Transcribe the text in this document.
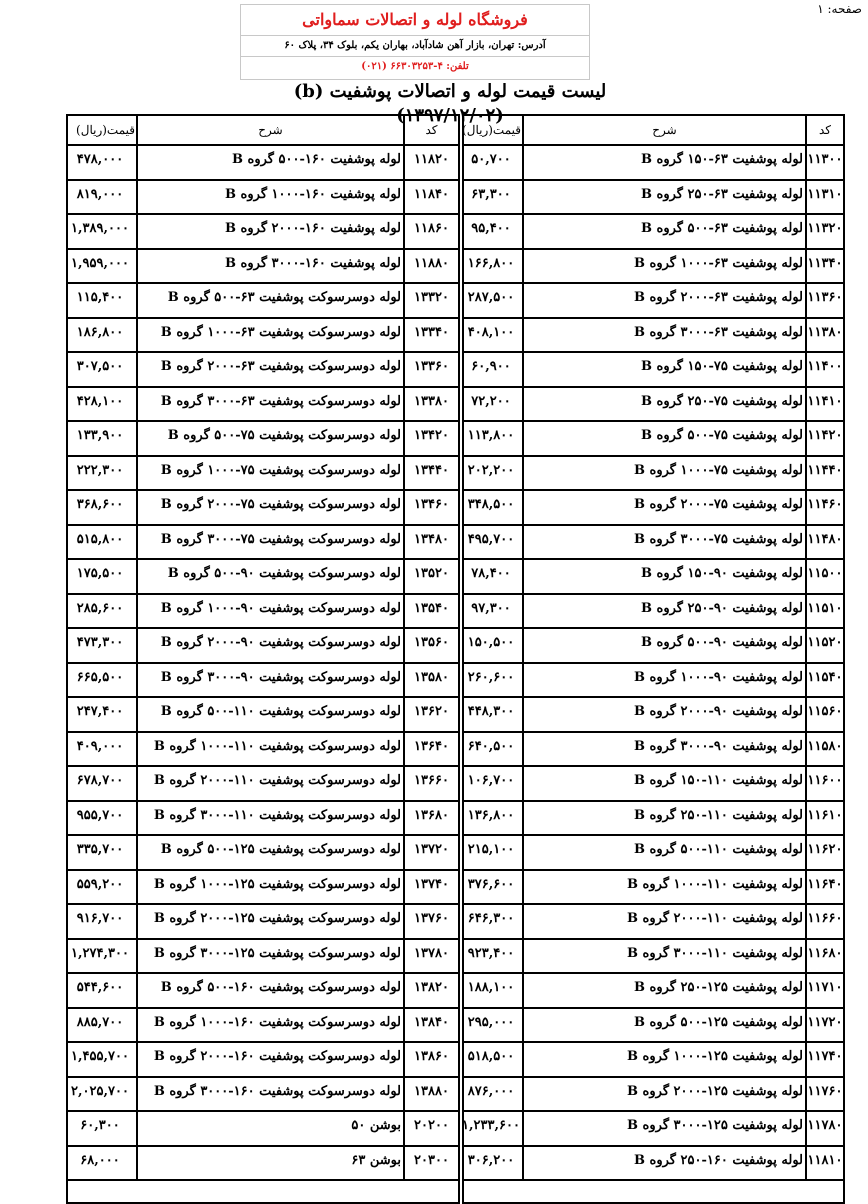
صفحه: ۱
فروشگاه لوله و اتصالات سماواتی
آدرس: تهران، بازار آهن شادآباد، بهاران یکم، بلوک ۳۴، پلاک ۶۰
تلفن: ۴-۶۶۳۰۳۲۵۳ (۰۲۱)
لیست قیمت لوله و اتصالات پوشفیت (b) (۱۳۹۷/۱۲/۰۲)
کد
شرح
قیمت(ریال)
۱۱۳۰۰
لوله پوشفیت ۶۳-۱۵۰ گروه B
۵۰,۷۰۰
۱۱۳۱۰
لوله پوشفیت ۶۳-۲۵۰ گروه B
۶۳,۳۰۰
۱۱۳۲۰
لوله پوشفیت ۶۳-۵۰۰ گروه B
۹۵,۴۰۰
۱۱۳۴۰
لوله پوشفیت ۶۳-۱۰۰۰ گروه B
۱۶۶,۸۰۰
۱۱۳۶۰
لوله پوشفیت ۶۳-۲۰۰۰ گروه B
۲۸۷,۵۰۰
۱۱۳۸۰
لوله پوشفیت ۶۳-۳۰۰۰ گروه B
۴۰۸,۱۰۰
۱۱۴۰۰
لوله پوشفیت ۷۵-۱۵۰ گروه B
۶۰,۹۰۰
۱۱۴۱۰
لوله پوشفیت ۷۵-۲۵۰ گروه B
۷۲,۲۰۰
۱۱۴۲۰
لوله پوشفیت ۷۵-۵۰۰ گروه B
۱۱۳,۸۰۰
۱۱۴۴۰
لوله پوشفیت ۷۵-۱۰۰۰ گروه B
۲۰۲,۲۰۰
۱۱۴۶۰
لوله پوشفیت ۷۵-۲۰۰۰ گروه B
۳۴۸,۵۰۰
۱۱۴۸۰
لوله پوشفیت ۷۵-۳۰۰۰ گروه B
۴۹۵,۷۰۰
۱۱۵۰۰
لوله پوشفیت ۹۰-۱۵۰ گروه B
۷۸,۴۰۰
۱۱۵۱۰
لوله پوشفیت ۹۰-۲۵۰ گروه B
۹۷,۳۰۰
۱۱۵۲۰
لوله پوشفیت ۹۰-۵۰۰ گروه B
۱۵۰,۵۰۰
۱۱۵۴۰
لوله پوشفیت ۹۰-۱۰۰۰ گروه B
۲۶۰,۶۰۰
۱۱۵۶۰
لوله پوشفیت ۹۰-۲۰۰۰ گروه B
۴۴۸,۳۰۰
۱۱۵۸۰
لوله پوشفیت ۹۰-۳۰۰۰ گروه B
۶۴۰,۵۰۰
۱۱۶۰۰
لوله پوشفیت ۱۱۰-۱۵۰ گروه B
۱۰۶,۷۰۰
۱۱۶۱۰
لوله پوشفیت ۱۱۰-۲۵۰ گروه B
۱۳۶,۸۰۰
۱۱۶۲۰
لوله پوشفیت ۱۱۰-۵۰۰ گروه B
۲۱۵,۱۰۰
۱۱۶۴۰
لوله پوشفیت ۱۱۰-۱۰۰۰ گروه B
۳۷۶,۶۰۰
۱۱۶۶۰
لوله پوشفیت ۱۱۰-۲۰۰۰ گروه B
۶۴۶,۳۰۰
۱۱۶۸۰
لوله پوشفیت ۱۱۰-۳۰۰۰ گروه B
۹۲۳,۴۰۰
۱۱۷۱۰
لوله پوشفیت ۱۲۵-۲۵۰ گروه B
۱۸۸,۱۰۰
۱۱۷۲۰
لوله پوشفیت ۱۲۵-۵۰۰ گروه B
۲۹۵,۰۰۰
۱۱۷۴۰
لوله پوشفیت ۱۲۵-۱۰۰۰ گروه B
۵۱۸,۵۰۰
۱۱۷۶۰
لوله پوشفیت ۱۲۵-۲۰۰۰ گروه B
۸۷۶,۰۰۰
۱۱۷۸۰
لوله پوشفیت ۱۲۵-۳۰۰۰ گروه B
۱,۲۳۳,۶۰۰
۱۱۸۱۰
لوله پوشفیت ۱۶۰-۲۵۰ گروه B
۳۰۶,۲۰۰
کد
شرح
قیمت(ریال)
۱۱۸۲۰
لوله پوشفیت ۱۶۰-۵۰۰ گروه B
۴۷۸,۰۰۰
۱۱۸۴۰
لوله پوشفیت ۱۶۰-۱۰۰۰ گروه B
۸۱۹,۰۰۰
۱۱۸۶۰
لوله پوشفیت ۱۶۰-۲۰۰۰ گروه B
۱,۳۸۹,۰۰۰
۱۱۸۸۰
لوله پوشفیت ۱۶۰-۳۰۰۰ گروه B
۱,۹۵۹,۰۰۰
۱۳۳۲۰
لوله دوسرسوکت پوشفیت ۶۳-۵۰۰ گروه B
۱۱۵,۴۰۰
۱۳۳۴۰
لوله دوسرسوکت پوشفیت ۶۳-۱۰۰۰ گروه B
۱۸۶,۸۰۰
۱۳۳۶۰
لوله دوسرسوکت پوشفیت ۶۳-۲۰۰۰ گروه B
۳۰۷,۵۰۰
۱۳۳۸۰
لوله دوسرسوکت پوشفیت ۶۳-۳۰۰۰ گروه B
۴۲۸,۱۰۰
۱۳۴۲۰
لوله دوسرسوکت پوشفیت ۷۵-۵۰۰ گروه B
۱۳۳,۹۰۰
۱۳۴۴۰
لوله دوسرسوکت پوشفیت ۷۵-۱۰۰۰ گروه B
۲۲۲,۳۰۰
۱۳۴۶۰
لوله دوسرسوکت پوشفیت ۷۵-۲۰۰۰ گروه B
۳۶۸,۶۰۰
۱۳۴۸۰
لوله دوسرسوکت پوشفیت ۷۵-۳۰۰۰ گروه B
۵۱۵,۸۰۰
۱۳۵۲۰
لوله دوسرسوکت پوشفیت ۹۰-۵۰۰ گروه B
۱۷۵,۵۰۰
۱۳۵۴۰
لوله دوسرسوکت پوشفیت ۹۰-۱۰۰۰ گروه B
۲۸۵,۶۰۰
۱۳۵۶۰
لوله دوسرسوکت پوشفیت ۹۰-۲۰۰۰ گروه B
۴۷۳,۳۰۰
۱۳۵۸۰
لوله دوسرسوکت پوشفیت ۹۰-۳۰۰۰ گروه B
۶۶۵,۵۰۰
۱۳۶۲۰
لوله دوسرسوکت پوشفیت ۱۱۰-۵۰۰ گروه B
۲۴۷,۴۰۰
۱۳۶۴۰
لوله دوسرسوکت پوشفیت ۱۱۰-۱۰۰۰ گروه B
۴۰۹,۰۰۰
۱۳۶۶۰
لوله دوسرسوکت پوشفیت ۱۱۰-۲۰۰۰ گروه B
۶۷۸,۷۰۰
۱۳۶۸۰
لوله دوسرسوکت پوشفیت ۱۱۰-۳۰۰۰ گروه B
۹۵۵,۷۰۰
۱۳۷۲۰
لوله دوسرسوکت پوشفیت ۱۲۵-۵۰۰ گروه B
۳۳۵,۷۰۰
۱۳۷۴۰
لوله دوسرسوکت پوشفیت ۱۲۵-۱۰۰۰ گروه B
۵۵۹,۲۰۰
۱۳۷۶۰
لوله دوسرسوکت پوشفیت ۱۲۵-۲۰۰۰ گروه B
۹۱۶,۷۰۰
۱۳۷۸۰
لوله دوسرسوکت پوشفیت ۱۲۵-۳۰۰۰ گروه B
۱,۲۷۴,۳۰۰
۱۳۸۲۰
لوله دوسرسوکت پوشفیت ۱۶۰-۵۰۰ گروه B
۵۴۴,۶۰۰
۱۳۸۴۰
لوله دوسرسوکت پوشفیت ۱۶۰-۱۰۰۰ گروه B
۸۸۵,۷۰۰
۱۳۸۶۰
لوله دوسرسوکت پوشفیت ۱۶۰-۲۰۰۰ گروه B
۱,۴۵۵,۷۰۰
۱۳۸۸۰
لوله دوسرسوکت پوشفیت ۱۶۰-۳۰۰۰ گروه B
۲,۰۲۵,۷۰۰
۲۰۲۰۰
بوشن ۵۰
۶۰,۳۰۰
۲۰۳۰۰
بوشن ۶۳
۶۸,۰۰۰
